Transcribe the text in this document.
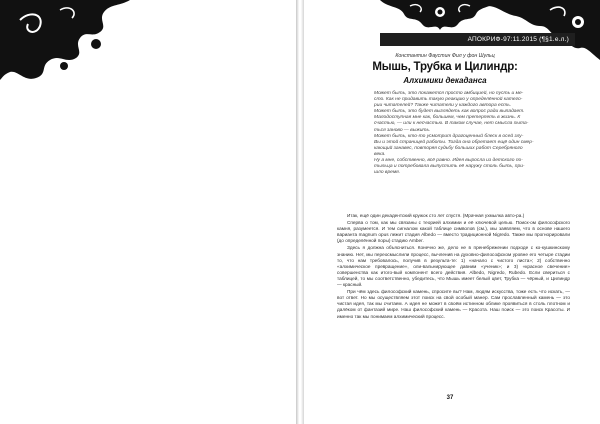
АПОКРИФ-97:11.2015 (¶§1.е.л.)
Константин Фаустин Фил у фон Шульц
Мышь, Трубка и Цилиндр:
Алхимики декаданса

Может быть, это покажется просто амбицией, но пусть и ме-

сто. Как не придавить такую реакцию у определённой катего-

рии читателей? Также читатели у каждого автора есть.

Может быть, это будет выглядеть как вопрос ради выпадает.

Малодоступная мне как, большем, чем претерпеть в жизнь. К

счастью, — или к несчастью. В таком случае, нет смысла пыта-

ться заново — выжить.

Может быть, кто-то усмотрит драгоценный блеск в осей злу-

Вы и этой страницей работы. Тогда она обретает ещё один смер-

кающий занавес, повторяя судьбу больших работ Серебряного

века.

Ну а мне, собственно, всё равно. Идея выросла из детского по-

тыльца и потребовала выпустить её наружу столь быть, при-

шло время.

Итак, ещё один декадентский кружок сто лет спустя. (Мрачная ухмылка авто-ра.)

Сперва о том, как мы связаны с теорией алхимии и её ключевой целью. Поиск-ом философского камня, разумеется. И тем сигналом какой таблице символов (см.), мы заявляем, что в основе нашего варианта magnum opus лежит стадия Albedo — вместо традиционной Nigredo. Также мы прогнорировали (до определённой поры) стадию Amber.

Здесь я должна объясниться. Конечно же, дело не в пренебрежении подходе с ко-кушкинскому знанию. Нет, мы переосмыслили процесс, вычленив на духовно-философском уровне его четыре стадии то, что нам требовалось, получив в результа-те: 1) «начало с чистого листа»; 2) собственно «алхимическое превращение», оли-вальнирующее давним «ученик»; и 3) «красное свечение» совершенства как итого-вый компонент всего действия. Albedo, Nigredo, Rubedo. Если свериться с таблицей, то мы соответственно, убедитесь, что Мышь имеет белый цвет, Трубка — чёрный, и Цилиндр — красный.

При чём здесь философский камень, спросите вы? Нам, людям искусства, тоже есть что искать, — вот ответ. Но мы осуществляем этот поиск на свой особый манер. Сам прославленный камень — это чистая идея, так мы считаем. А идея не может в своём истинном облике проявиться в столь плотном и далёком от фантазий мире. Наш философский камень — Красота. Наш поиск — это поиск Красоты. И именно так мы понимаем алхимический процесс.

37
